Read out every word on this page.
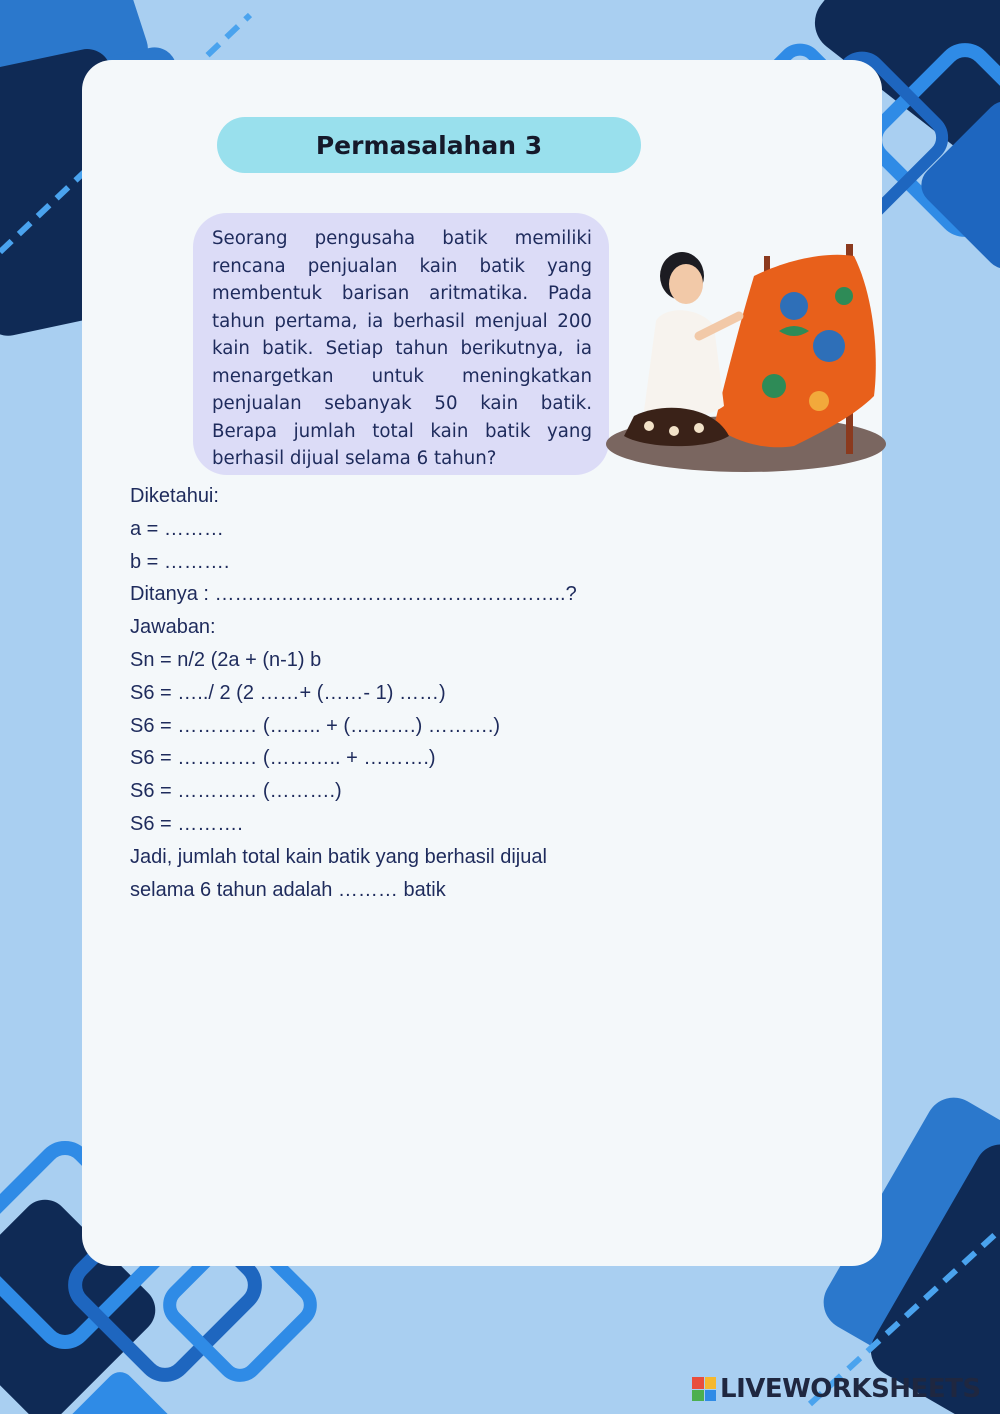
Permasalahan 3
Seorang pengusaha batik memiliki rencana penjualan kain batik yang membentuk barisan aritmatika. Pada tahun pertama, ia berhasil menjual 200 kain batik. Setiap tahun berikutnya, ia menargetkan untuk meningkatkan penjualan sebanyak 50 kain batik. Berapa jumlah total kain batik yang berhasil dijual selama 6 tahun?
Diketahui:
a = ………
b = ……….
Ditanya : ……………………………………………..?
Jawaban:
Sn = n/2 (2a + (n-1) b
S6 = …../ 2 (2 ……+ (……- 1) ……)
S6 = ………… (…….. + (……….) ……….)
S6 = ………… (……….. + ……….)
S6 = ………… (……….)
S6 = ……….
Jadi, jumlah total kain batik yang berhasil dijual
selama 6 tahun adalah ……… batik
LIVEWORKSHEETS
